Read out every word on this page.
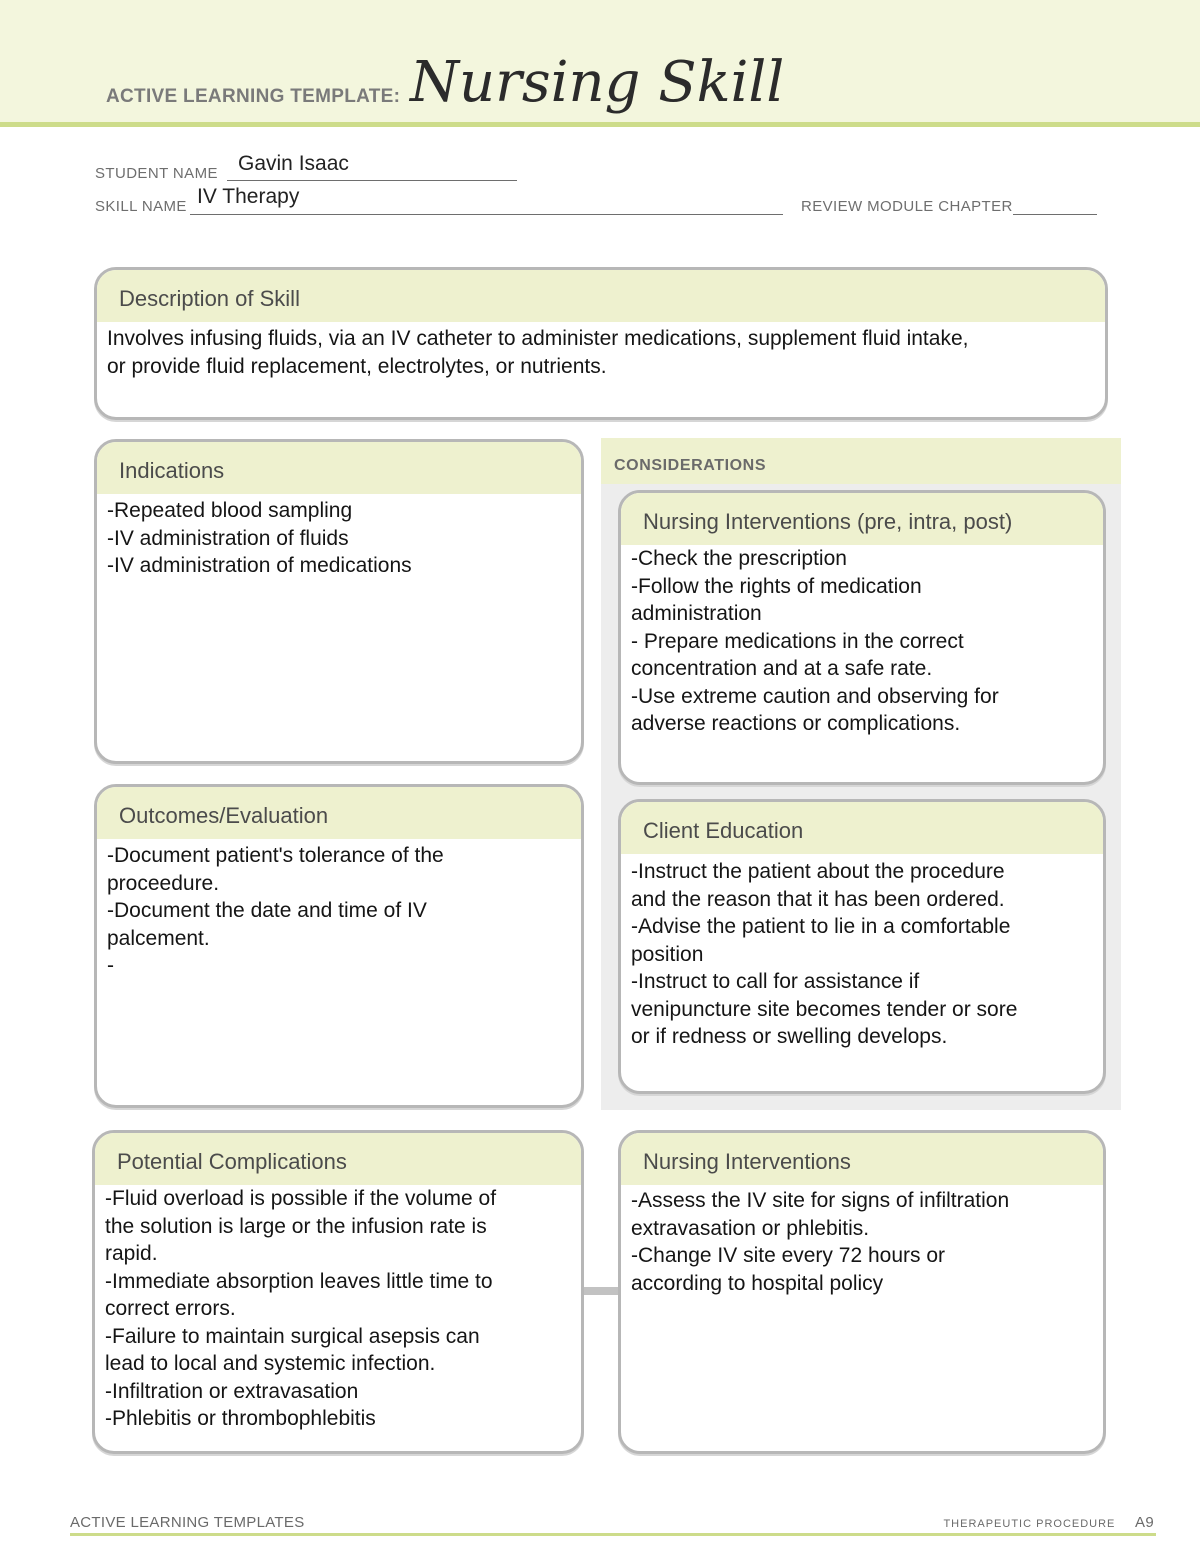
ACTIVE LEARNING TEMPLATE: Nursing Skill
STUDENT NAME Gavin Isaac
SKILL NAME IV Therapy	REVIEW MODULE CHAPTER
Description of Skill
Involves infusing fluids, via an IV catheter to administer medications, supplement fluid intake,
or provide fluid replacement, electrolytes, or nutrients.
CONSIDERATIONS
Indications
-Repeated blood sampling
-IV administration of fluids
-IV administration of medications
Nursing Interventions (pre, intra, post)
-Check the prescription
-Follow the rights of medication
administration
- Prepare medications in the correct
concentration and at a safe rate.
-Use extreme caution and observing for
adverse reactions or complications.
Outcomes/Evaluation
-Document patient's tolerance of the
proceedure.
-Document the date and time of IV
palcement.
-
Client Education
-Instruct the patient about the procedure
and the reason that it has been ordered.
-Advise the patient to lie in a comfortable
position
-Instruct to call for assistance if
venipuncture site becomes tender or sore
or if redness or swelling develops.
Potential Complications
-Fluid overload is possible if the volume of
the solution is large or the infusion rate is
rapid.
-Immediate absorption leaves little time to
correct errors.
-Failure to maintain surgical asepsis can
lead to local and systemic infection.
-Infiltration or extravasation
-Phlebitis or thrombophlebitis
Nursing Interventions
-Assess the IV site for signs of infiltration
extravasation or phlebitis.
-Change IV site every 72 hours or
according to hospital policy
ACTIVE LEARNING TEMPLATES	THERAPEUTIC PROCEDURE A9
